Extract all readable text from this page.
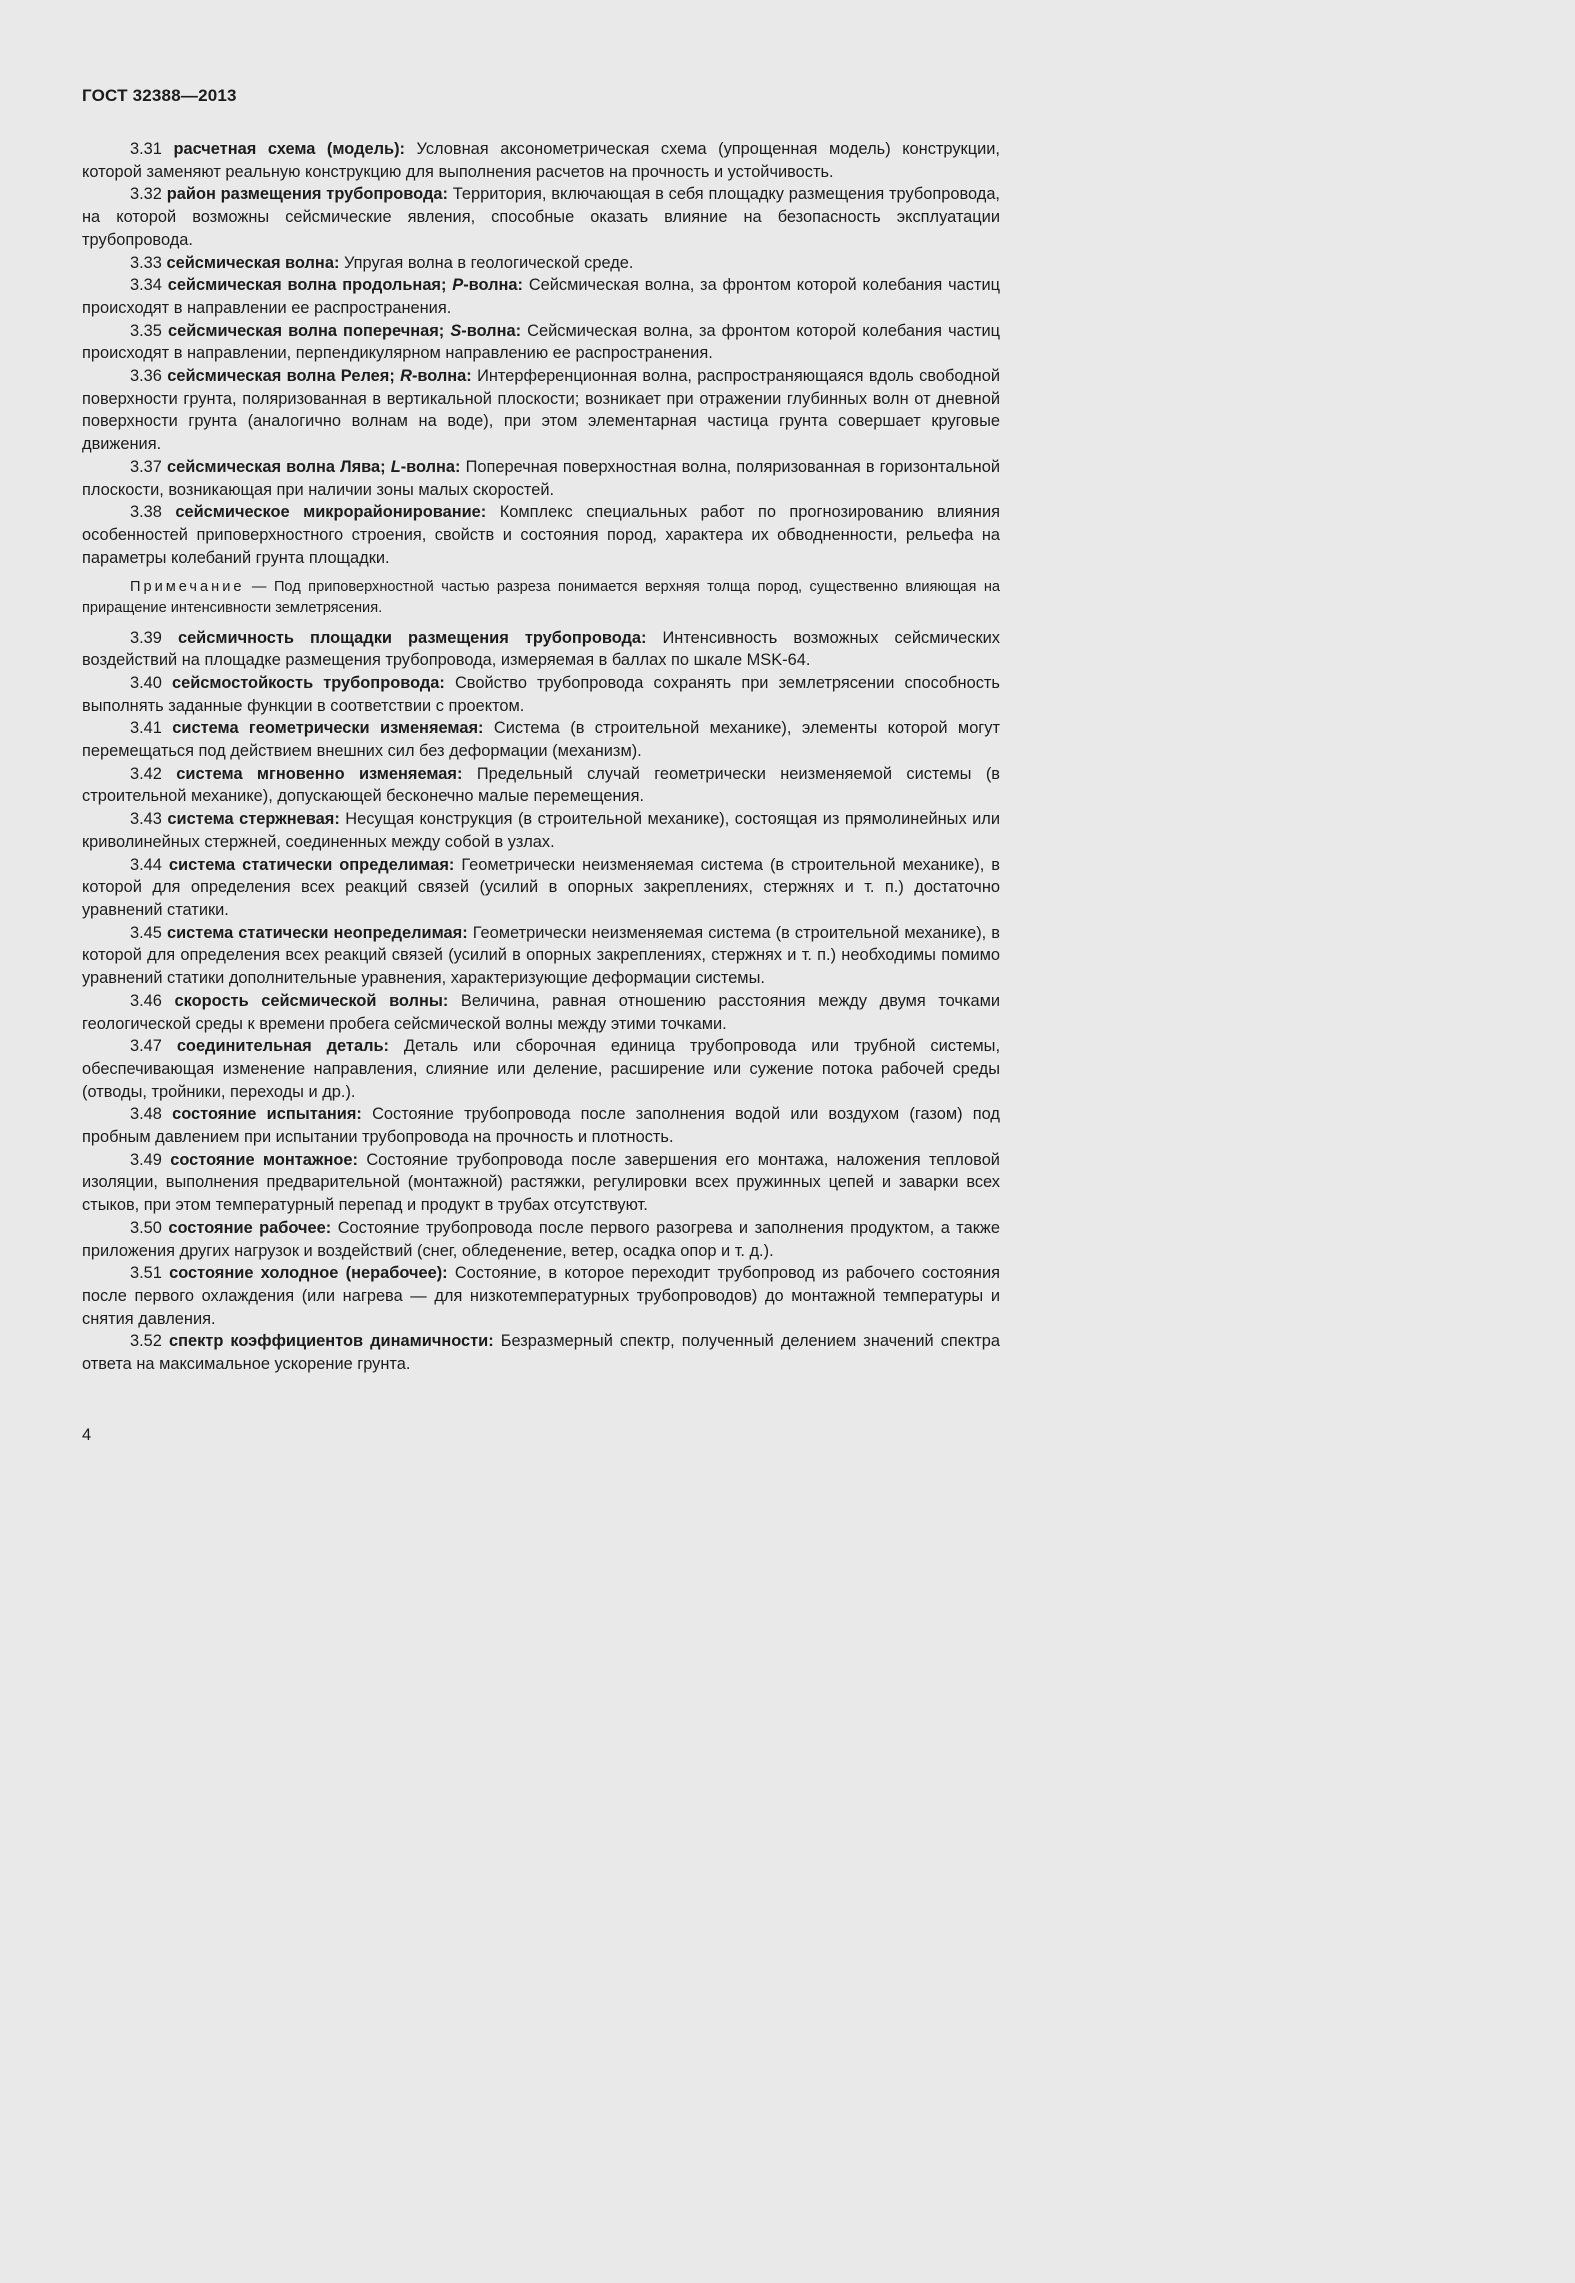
ГОСТ 32388—2013

3.31 расчетная схема (модель): Условная аксонометрическая схема (упрощенная модель) конструкции, которой заменяют реальную конструкцию для выполнения расчетов на прочность и устойчивость.

3.32 район размещения трубопровода: Территория, включающая в себя площадку размещения трубопровода, на которой возможны сейсмические явления, способные оказать влияние на безопасность эксплуатации трубопровода.

3.33 сейсмическая волна: Упругая волна в геологической среде.

3.34 сейсмическая волна продольная; P-волна: Сейсмическая волна, за фронтом которой колебания частиц происходят в направлении ее распространения.

3.35 сейсмическая волна поперечная; S-волна: Сейсмическая волна, за фронтом которой колебания частиц происходят в направлении, перпендикулярном направлению ее распространения.

3.36 сейсмическая волна Релея; R-волна: Интерференционная волна, распространяющаяся вдоль свободной поверхности грунта, поляризованная в вертикальной плоскости; возникает при отражении глубинных волн от дневной поверхности грунта (аналогично волнам на воде), при этом элементарная частица грунта совершает круговые движения.

3.37 сейсмическая волна Лява; L-волна: Поперечная поверхностная волна, поляризованная в горизонтальной плоскости, возникающая при наличии зоны малых скоростей.

3.38 сейсмическое микрорайонирование: Комплекс специальных работ по прогнозированию влияния особенностей приповерхностного строения, свойств и состояния пород, характера их обводненности, рельефа на параметры колебаний грунта площадки.

Примечание — Под приповерхностной частью разреза понимается верхняя толща пород, существенно влияющая на приращение интенсивности землетрясения.

3.39 сейсмичность площадки размещения трубопровода: Интенсивность возможных сейсмических воздействий на площадке размещения трубопровода, измеряемая в баллах по шкале MSK-64.

3.40 сейсмостойкость трубопровода: Свойство трубопровода сохранять при землетрясении способность выполнять заданные функции в соответствии с проектом.

3.41 система геометрически изменяемая: Система (в строительной механике), элементы которой могут перемещаться под действием внешних сил без деформации (механизм).

3.42 система мгновенно изменяемая: Предельный случай геометрически неизменяемой системы (в строительной механике), допускающей бесконечно малые перемещения.

3.43 система стержневая: Несущая конструкция (в строительной механике), состоящая из прямолинейных или криволинейных стержней, соединенных между собой в узлах.

3.44 система статически определимая: Геометрически неизменяемая система (в строительной механике), в которой для определения всех реакций связей (усилий в опорных закреплениях, стержнях и т. п.) достаточно уравнений статики.

3.45 система статически неопределимая: Геометрически неизменяемая система (в строительной механике), в которой для определения всех реакций связей (усилий в опорных закреплениях, стержнях и т. п.) необходимы помимо уравнений статики дополнительные уравнения, характеризующие деформации системы.

3.46 скорость сейсмической волны: Величина, равная отношению расстояния между двумя точками геологической среды к времени пробега сейсмической волны между этими точками.

3.47 соединительная деталь: Деталь или сборочная единица трубопровода или трубной системы, обеспечивающая изменение направления, слияние или деление, расширение или сужение потока рабочей среды (отводы, тройники, переходы и др.).

3.48 состояние испытания: Состояние трубопровода после заполнения водой или воздухом (газом) под пробным давлением при испытании трубопровода на прочность и плотность.

3.49 состояние монтажное: Состояние трубопровода после завершения его монтажа, наложения тепловой изоляции, выполнения предварительной (монтажной) растяжки, регулировки всех пружинных цепей и заварки всех стыков, при этом температурный перепад и продукт в трубах отсутствуют.

3.50 состояние рабочее: Состояние трубопровода после первого разогрева и заполнения продуктом, а также приложения других нагрузок и воздействий (снег, обледенение, ветер, осадка опор и т. д.).

3.51 состояние холодное (нерабочее): Состояние, в которое переходит трубопровод из рабочего состояния после первого охлаждения (или нагрева — для низкотемпературных трубопроводов) до монтажной температуры и снятия давления.

3.52 спектр коэффициентов динамичности: Безразмерный спектр, полученный делением значений спектра ответа на максимальное ускорение грунта.

4
